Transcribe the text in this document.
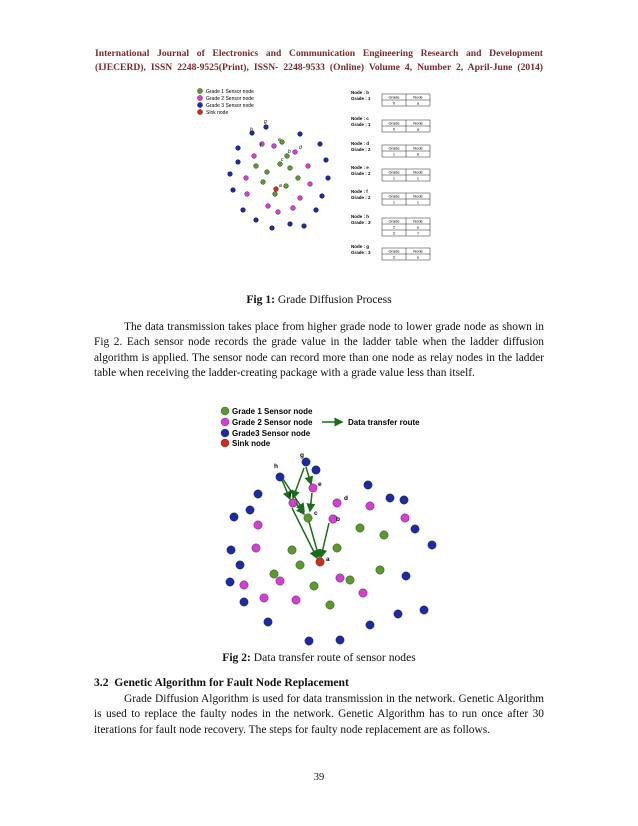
International Journal of Electronics and Communication Engineering Research and Development
(IJECERD), ISSN 2248-9525(Print), ISSN- 2248-9533 (Online) Volume 4, Number 2, April-June (2014)
Grade 1 Sensor node
Grade 2 Sensor node
Grade 3 Sensor node
Sink node
a
b
c
d
e
f
g
h
Node : b
Grade : 1	Grade	Node
0	a
Node : c
Grade : 1	Grade	Node
0	a
Node : d
Grade : 2	Grade	Node
1	b
Node : e
Grade : 2	Grade	Node
1	c
Node : f
Grade : 2	Grade	Node
1	c
Node : h
Grade : 3	Grade	Node
2	e
2	f
Node : g
Grade : 3	Grade	Node
2	e
Fig 1: Grade Diffusion Process
The data transmission takes place from higher grade node to lower grade node as shown in Fig 2. Each sensor node records the grade value in the ladder table when the ladder diffusion algorithm is applied. The sensor node can record more than one node as relay nodes in the ladder table when receiving the ladder-creating package with a grade value less than itself.
Grade 1 Sensor node
Grade 2 Sensor node
Grade3 Sensor node
Sink node
Data transfer route
g
h
e
f	d
c
b
a
Fig 2: Data transfer route of sensor nodes
3.2 Genetic Algorithm for Fault Node Replacement
Grade Diffusion Algorithm is used for data transmission in the network. Genetic Algorithm is used to replace the faulty nodes in the network. Genetic Algorithm has to run once after 30 iterations for fault node recovery. The steps for faulty node replacement are as follows.
39
